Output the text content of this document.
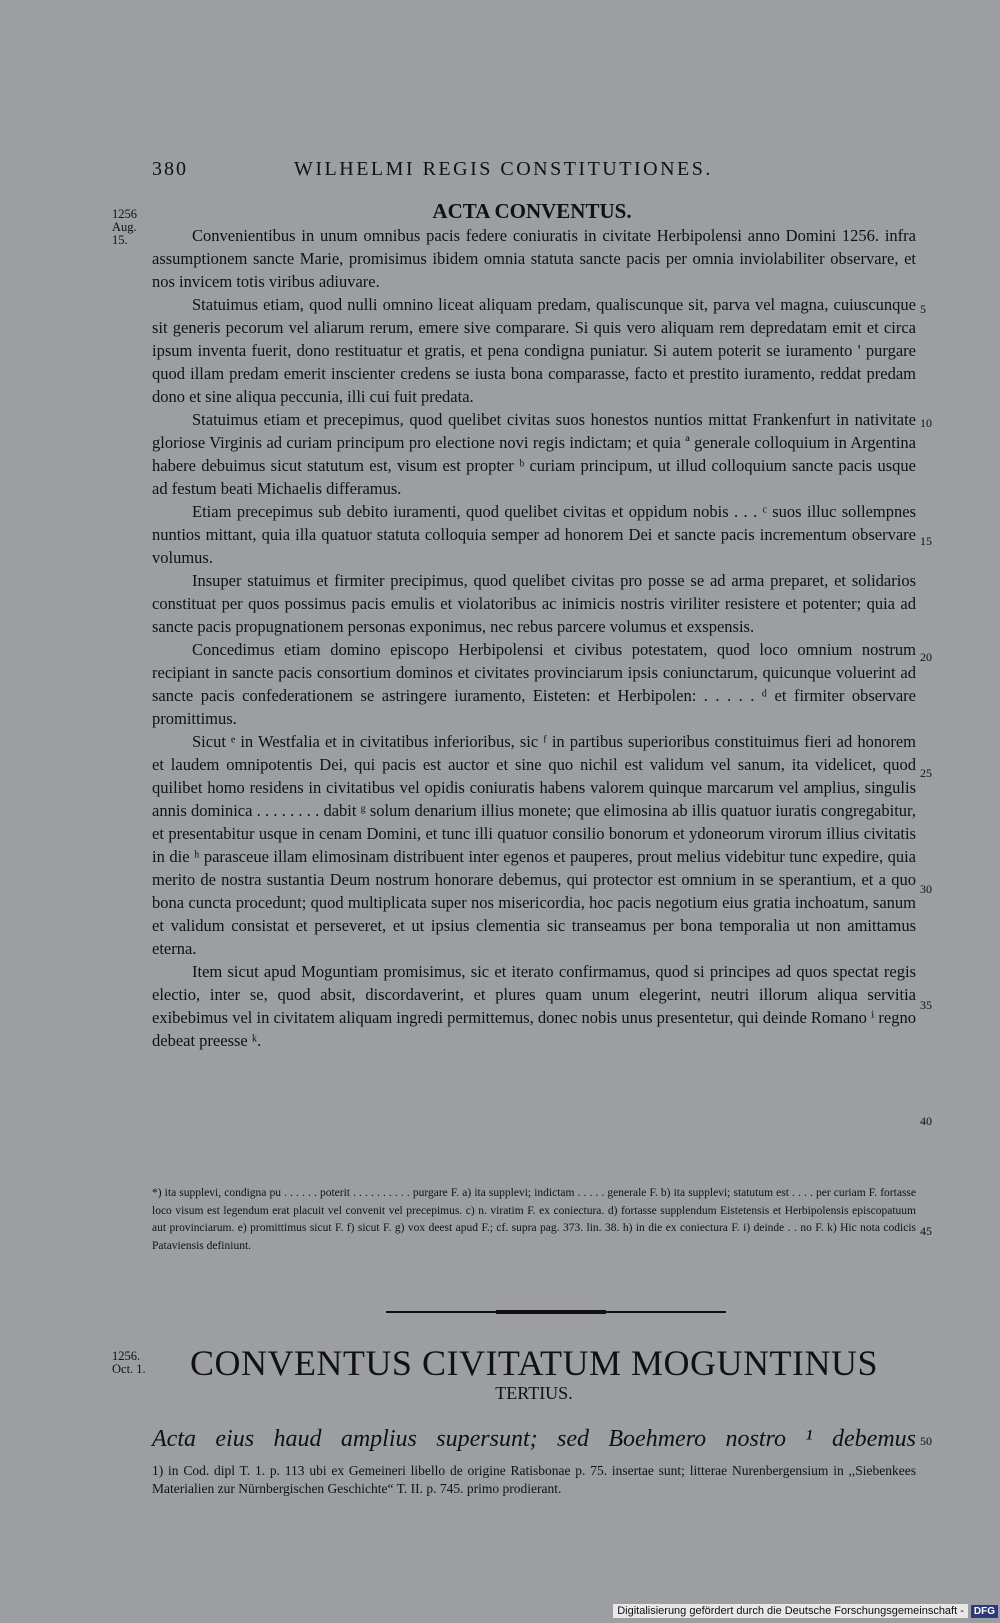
380	WILHELMI REGIS CONSTITUTIONES.
1256
Aug.
15.
ACTA CONVENTUS.

Convenientibus in unum omnibus pacis federe coniuratis in civitate Herbipolensi anno Domini 1256. infra assumptionem sancte Marie, promisimus ibidem omnia statuta sancte pacis per omnia inviolabiliter observare, et nos invicem totis viribus adiuvare.

Statuimus etiam, quod nulli omnino liceat aliquam predam, qualiscunque sit, parva vel magna, cuiuscunque sit generis pecorum vel aliarum rerum, emere sive comparare. Si quis vero aliquam rem depredatam emit et circa ipsum inventa fuerit, dono restituatur et gratis, et pena condigna puniatur. Si autem poterit se iuramento ' purgare quod illam predam emerit inscienter credens se iusta bona comparasse, facto et prestito iuramento, reddat predam dono et sine aliqua peccunia, illi cui fuit predata.

Statuimus etiam et precepimus, quod quelibet civitas suos honestos nuntios mittat Frankenfurt in nativitate gloriose Virginis ad curiam principum pro electione novi regis indictam; et quia ª generale colloquium in Argentina habere debuimus sicut statutum est, visum est propter ᵇ curiam principum, ut illud colloquium sancte pacis usque ad festum beati Michaelis differamus.

Etiam precepimus sub debito iuramenti, quod quelibet civitas et oppidum nobis . . . ᶜ suos illuc sollempnes nuntios mittant, quia illa quatuor statuta colloquia semper ad honorem Dei et sancte pacis incrementum observare volumus.

Insuper statuimus et firmiter precipimus, quod quelibet civitas pro posse se ad arma preparet, et solidarios constituat per quos possimus pacis emulis et violatoribus ac inimicis nostris viriliter resistere et potenter; quia ad sancte pacis propugnationem personas exponimus, nec rebus parcere volumus et exspensis.

Concedimus etiam domino episcopo Herbipolensi et civibus potestatem, quod loco omnium nostrum recipiant in sancte pacis consortium dominos et civitates provinciarum ipsis coniunctarum, quicunque voluerint ad sancte pacis confederationem se astringere iuramento, Eisteten: et Herbipolen: . . . . . ᵈ et firmiter observare promittimus.

Sicut ᵉ in Westfalia et in civitatibus inferioribus, sic ᶠ in partibus superioribus constituimus fieri ad honorem et laudem omnipotentis Dei, qui pacis est auctor et sine quo nichil est validum vel sanum, ita videlicet, quod quilibet homo residens in civitatibus vel opidis coniuratis habens valorem quinque marcarum vel amplius, singulis annis dominica . . . . . . . . dabit ᵍ solum denarium illius monete; que elimosina ab illis quatuor iuratis congregabitur, et presentabitur usque in cenam Domini, et tunc illi quatuor consilio bonorum et ydoneorum virorum illius civitatis in die ʰ parasceue illam elimosinam distribuent inter egenos et pauperes, prout melius videbitur tunc expedire, quia merito de nostra sustantia Deum nostrum honorare debemus, qui protector est omnium in se sperantium, et a quo bona cuncta procedunt; quod multiplicata super nos misericordia, hoc pacis negotium eius gratia inchoatum, sanum et validum consistat et perseveret, et ut ipsius clementia sic transeamus per bona temporalia ut non amittamus eterna.

Item sicut apud Moguntiam promisimus, sic et iterato confirmamus, quod si principes ad quos spectat regis electio, inter se, quod absit, discordaverint, et plures quam unum elegerint, neutri illorum aliqua servitia exibebimus vel in civitatem aliquam ingredi permittemus, donec nobis unus presentetur, qui deinde Romano ⁱ regno debeat preesse ᵏ.

5
10
15
20
25
30
35
40
45
50

*) ita supplevi, condigna pu . . . . . . poterit . . . . . . . . . . purgare F. a) ita supplevi; indictam . . . . . generale F. b) ita supplevi; statutum est . . . . per curiam F. fortasse loco visum est legendum erat placuit vel convenit vel precepimus. c) n. viratim F. ex coniectura. d) fortasse supplendum Eistetensis et Herbipolensis episcopatuum aut provinciarum. e) promittimus sicut F. f) sicut F. g) vox deest apud F.; cf. supra pag. 373. lin. 38. h) in die ex coniectura F. i) deinde . . no F. k) Hic nota codicis Pataviensis definiunt.

1256.
Oct. 1.	CONVENTUS CIVITATUM MOGUNTINUS
TERTIUS.
Acta eius haud amplius supersunt; sed Boehmero nostro ¹ debemus
1) in Cod. dipl T. 1. p. 113 ubi ex Gemeineri libello de origine Ratisbonae p. 75. insertae sunt; litterae Nurenbergensium in ,,Siebenkees Materialien zur Nürnbergischen Geschichte“ T. II. p. 745. primo prodierant.
Digitalisierung gefördert durch die Deutsche Forschungsgemeinschaft -	DFG
